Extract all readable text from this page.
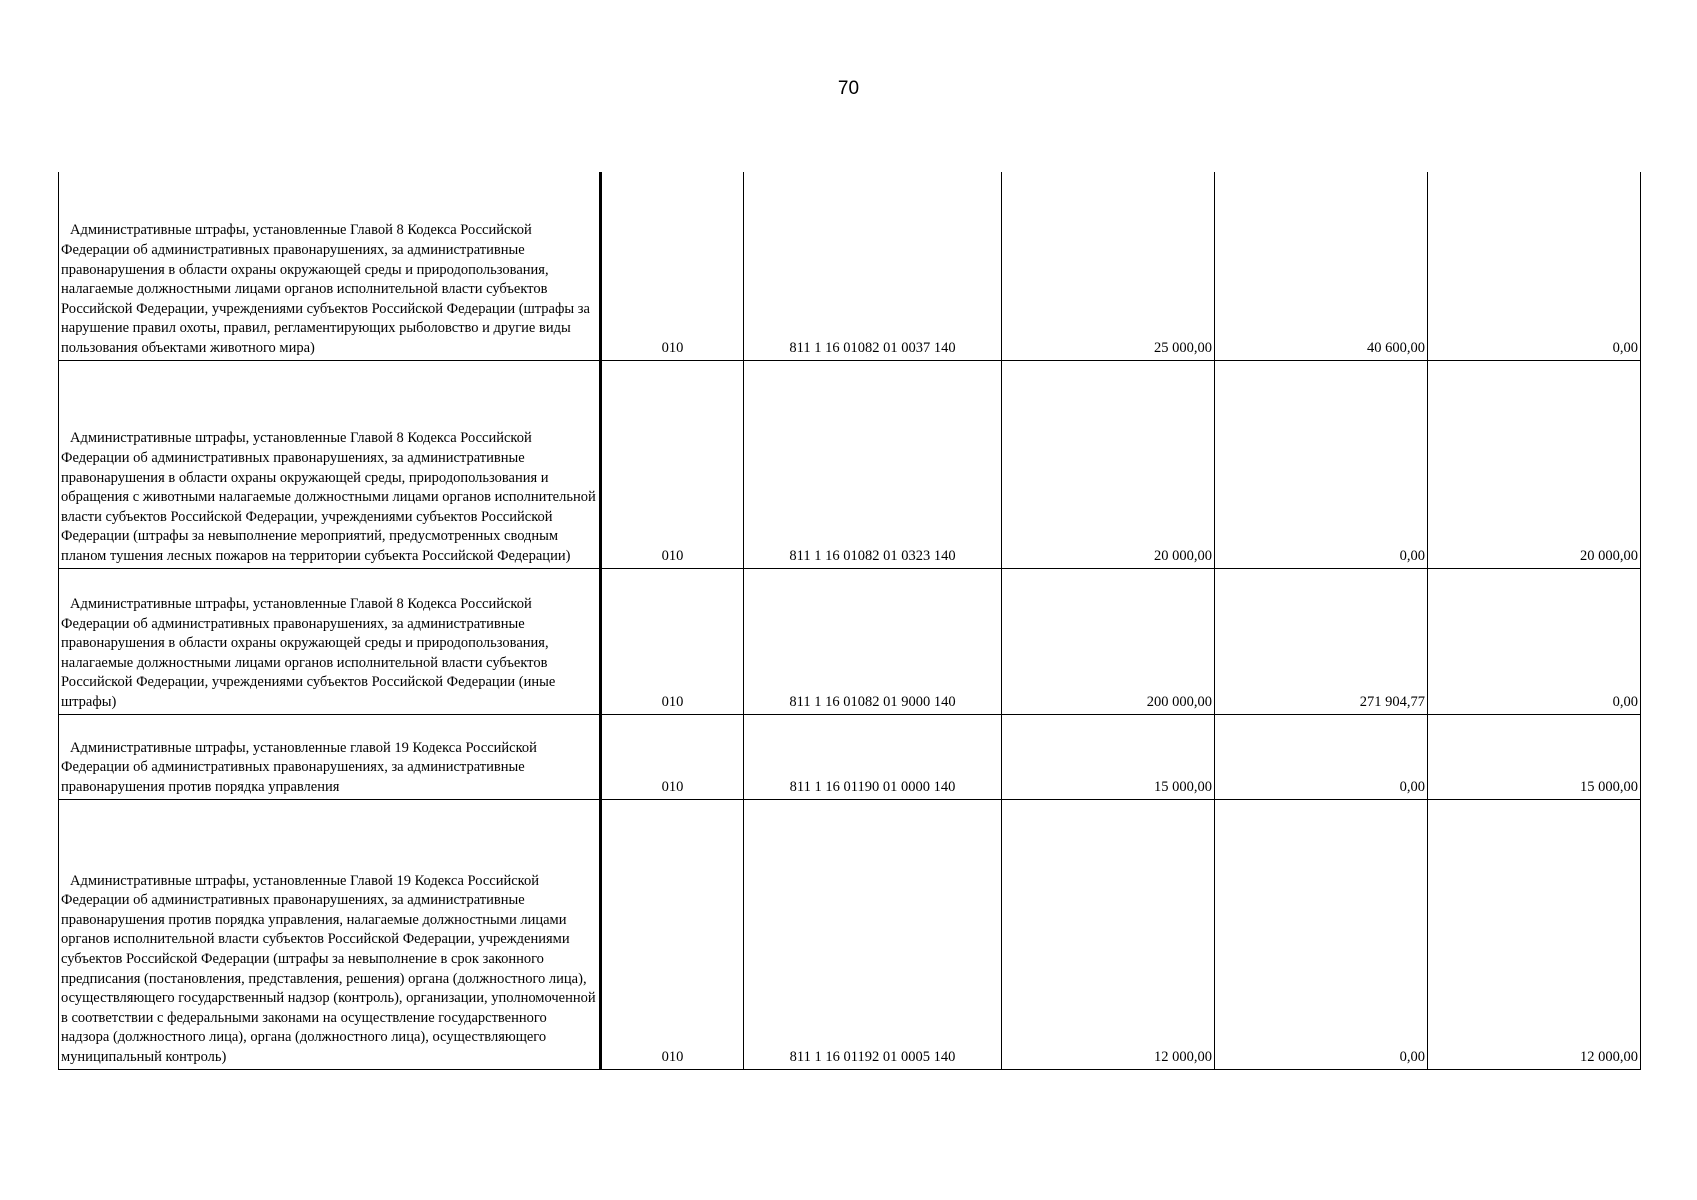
70
Административные штрафы, установленные Главой 8 Кодекса Российской Федерации об административных правонарушениях, за административные правонарушения в области охраны окружающей среды и природопользования, налагаемые должностными лицами органов исполнительной власти субъектов Российской Федерации, учреждениями субъектов Российской Федерации (штрафы за нарушение правил охоты, правил, регламентирующих рыболовство и другие виды пользования объектами животного мира)	010	811 1 16 01082 01 0037 140	25 000,00	40 600,00	0,00

Административные штрафы, установленные Главой 8 Кодекса Российской Федерации об административных правонарушениях, за административные правонарушения в области охраны окружающей среды, природопользования и обращения с животными налагаемые должностными лицами органов исполнительной власти субъектов Российской Федерации, учреждениями субъектов Российской Федерации (штрафы за невыполнение мероприятий, предусмотренных сводным планом тушения лесных пожаров на территории субъекта Российской Федерации)	010	811 1 16 01082 01 0323 140	20 000,00	0,00	20 000,00

Административные штрафы, установленные Главой 8 Кодекса Российской Федерации об административных правонарушениях, за административные правонарушения в области охраны окружающей среды и природопользования, налагаемые должностными лицами органов исполнительной власти субъектов Российской Федерации, учреждениями субъектов Российской Федерации (иные штрафы)	010	811 1 16 01082 01 9000 140	200 000,00	271 904,77	0,00

Административные штрафы, установленные главой 19 Кодекса Российской Федерации об административных правонарушениях, за административные правонарушения против порядка управления	010	811 1 16 01190 01 0000 140	15 000,00	0,00	15 000,00

Административные штрафы, установленные Главой 19 Кодекса Российской Федерации об административных правонарушениях, за административные правонарушения против порядка управления, налагаемые должностными лицами органов исполнительной власти субъектов Российской Федерации, учреждениями субъектов Российской Федерации (штрафы за невыполнение в срок законного предписания (постановления, представления, решения) органа (должностного лица), осуществляющего государственный надзор (контроль), организации, уполномоченной в соответствии с федеральными законами на осуществление государственного надзора (должностного лица), органа (должностного лица), осуществляющего муниципальный контроль)	010	811 1 16 01192 01 0005 140	12 000,00	0,00	12 000,00
